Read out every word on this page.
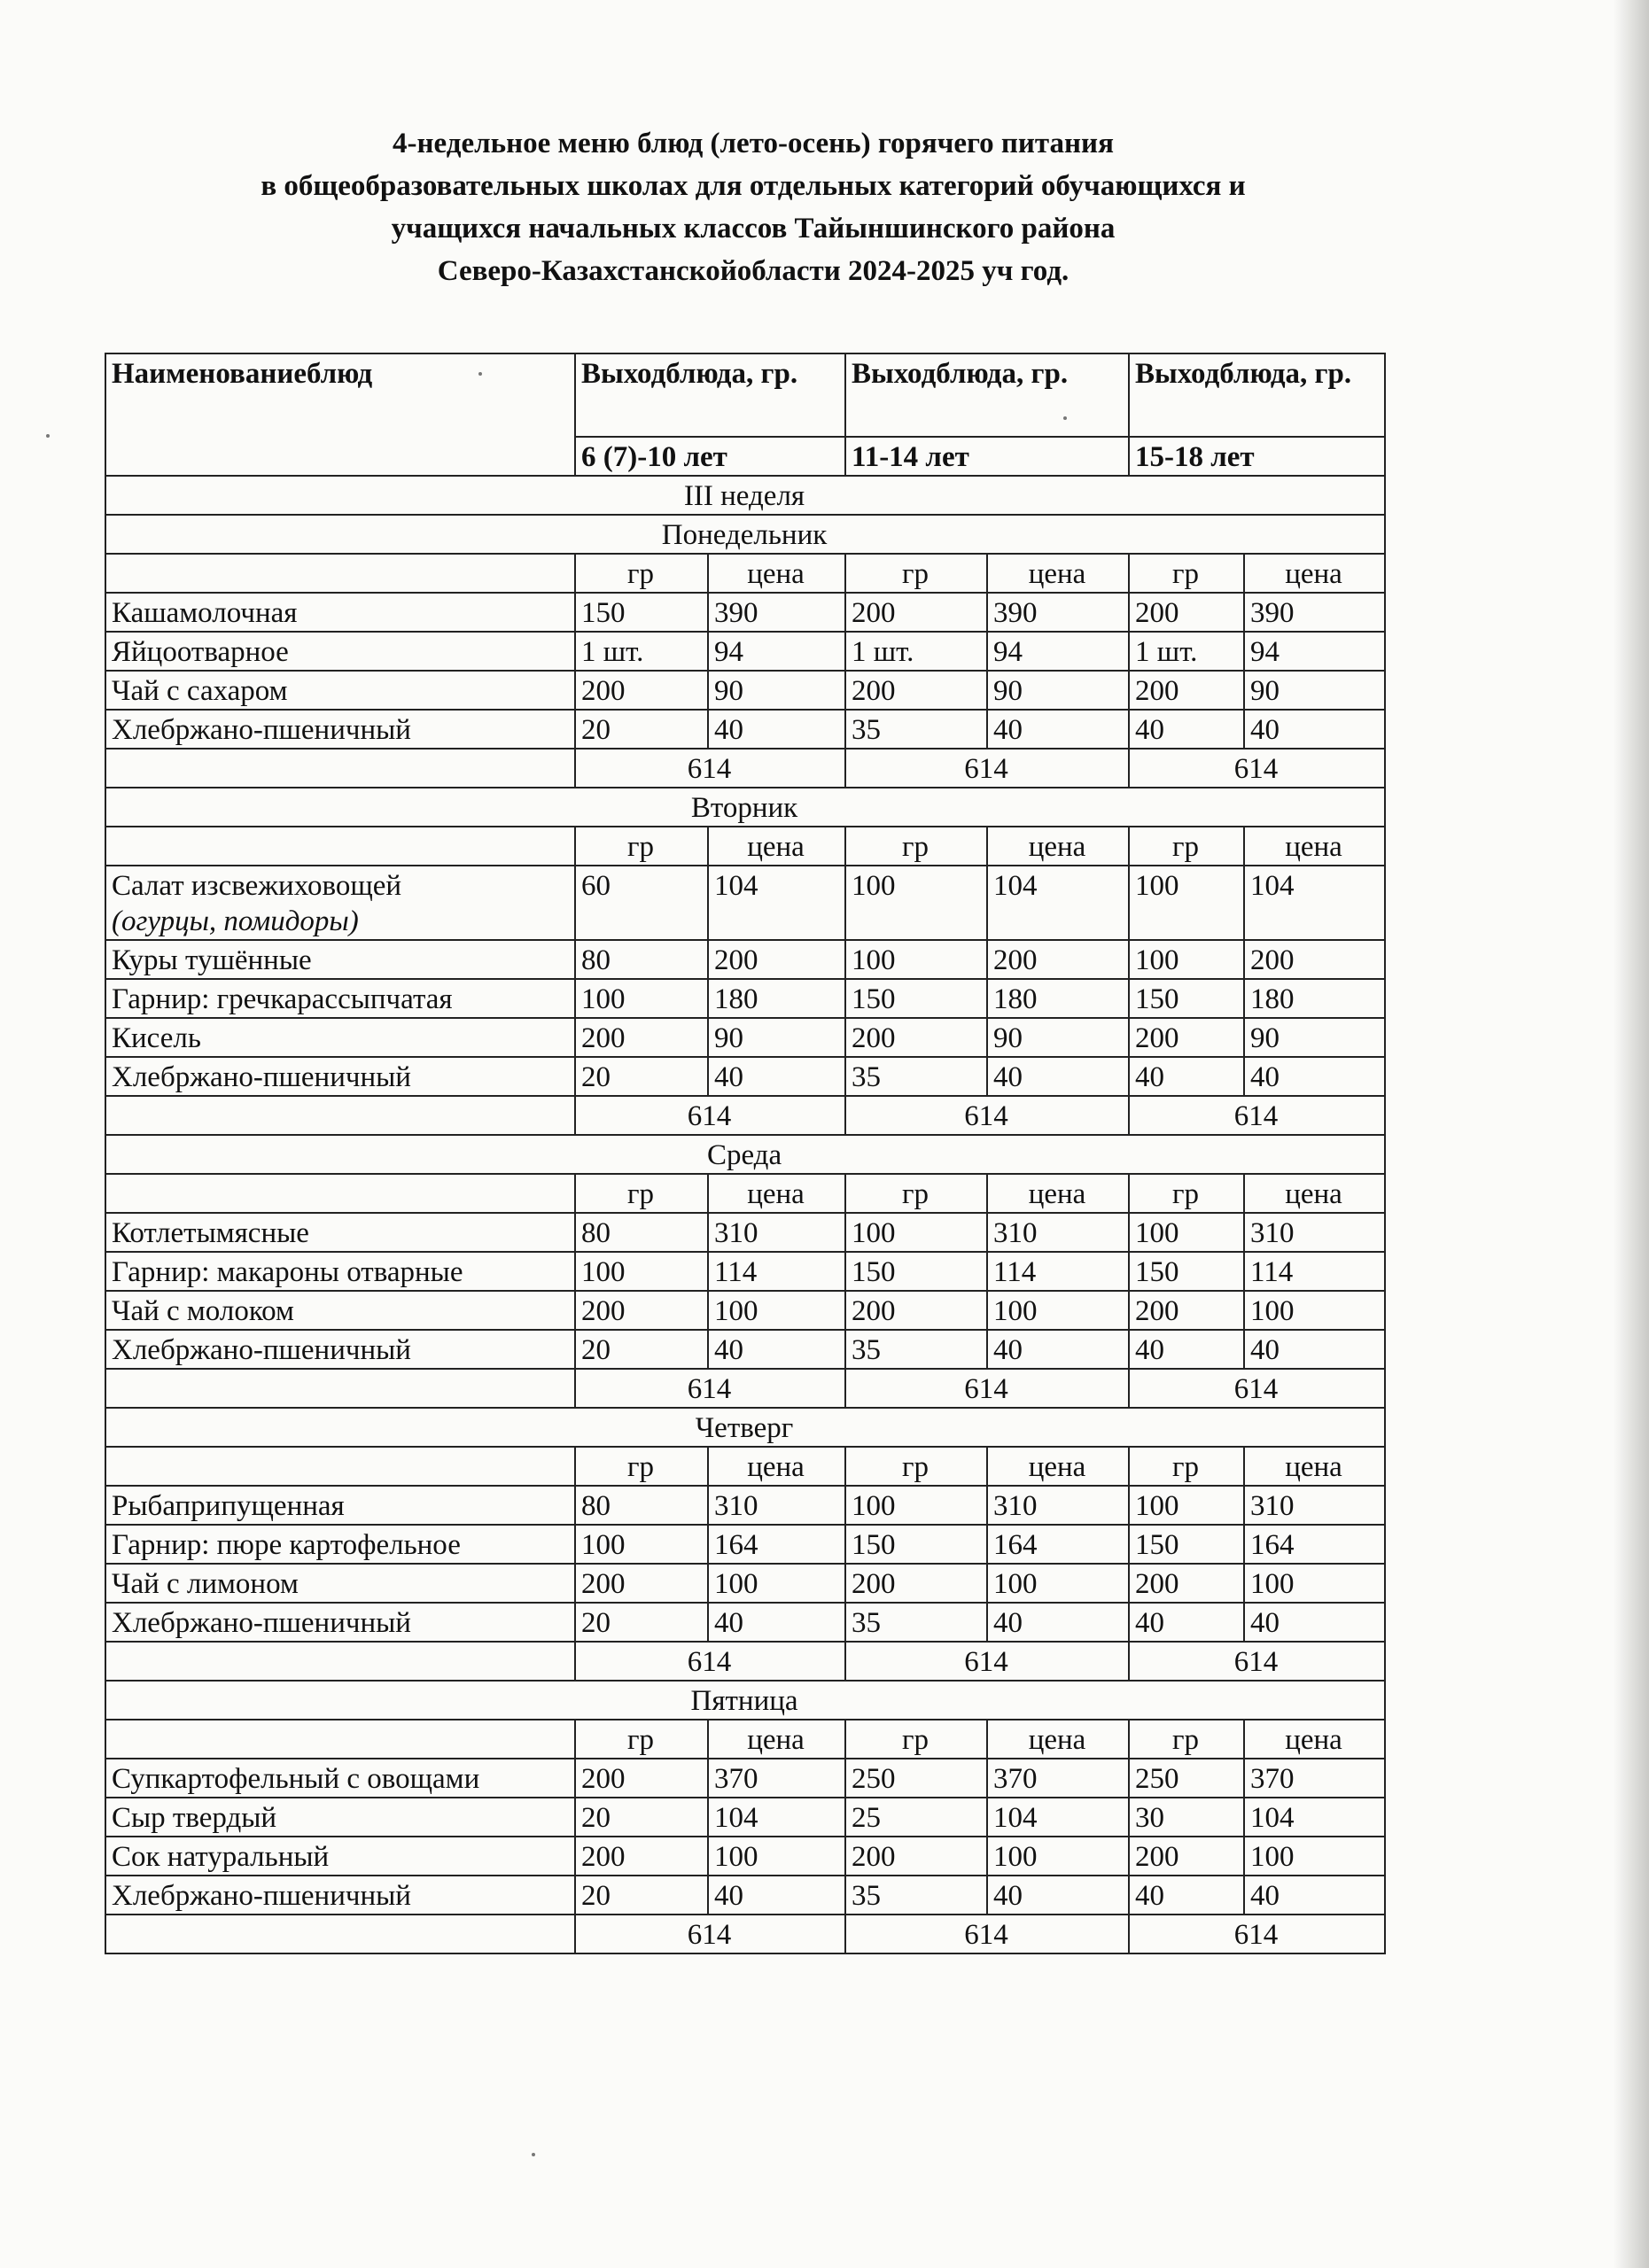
4-недельное меню блюд (лето-осень) горячего питания
в общеобразовательных школах для отдельных категорий обучающихся и
учащихся начальных классов Тайыншинского района
Северо-Казахстанскойобласти 2024-2025 уч год.
Наименованиеблюд	Выходблюда, гр.		Выходблюда, гр.		Выходблюда, гр.	
	6 (7)-10 лет		11-14 лет		15-18 лет	
III неделя						
Понедельник						
	гр	цена	гр	цена	гр	цена

Кашамолочная	150	390	200	390	200	390

Яйцоотварное	1 шт.	94	1 шт.	94	1 шт.	94

Чай с сахаром	200	90	200	90	200	90

Хлебржано-пшеничный	20	40	35	40	40	40
	614		614		614	
Вторник						
	гр	цена	гр	цена	гр	цена

Салат изсвежиховощей
(огурцы, помидоры)	60	104	100	104	100	104

Куры тушённые	80	200	100	200	100	200

Гарнир: гречкарассыпчатая	100	180	150	180	150	180

Кисель	200	90	200	90	200	90

Хлебржано-пшеничный	20	40	35	40	40	40
	614		614		614	
Среда						
	гр	цена	гр	цена	гр	цена

Котлетымясные	80	310	100	310	100	310

Гарнир: макароны отварные	100	114	150	114	150	114

Чай с молоком	200	100	200	100	200	100

Хлебржано-пшеничный	20	40	35	40	40	40
	614		614		614	
Четверг						
	гр	цена	гр	цена	гр	цена

Рыбаприпущенная	80	310	100	310	100	310

Гарнир: пюре картофельное	100	164	150	164	150	164

Чай с лимоном	200	100	200	100	200	100

Хлебржано-пшеничный	20	40	35	40	40	40
	614		614		614	
Пятница						
	гр	цена	гр	цена	гр	цена

Супкартофельный с овощами	200	370	250	370	250	370

Сыр твердый	20	104	25	104	30	104

Сок натуральный	200	100	200	100	200	100

Хлебржано-пшеничный	20	40	35	40	40	40
	614		614		614	
